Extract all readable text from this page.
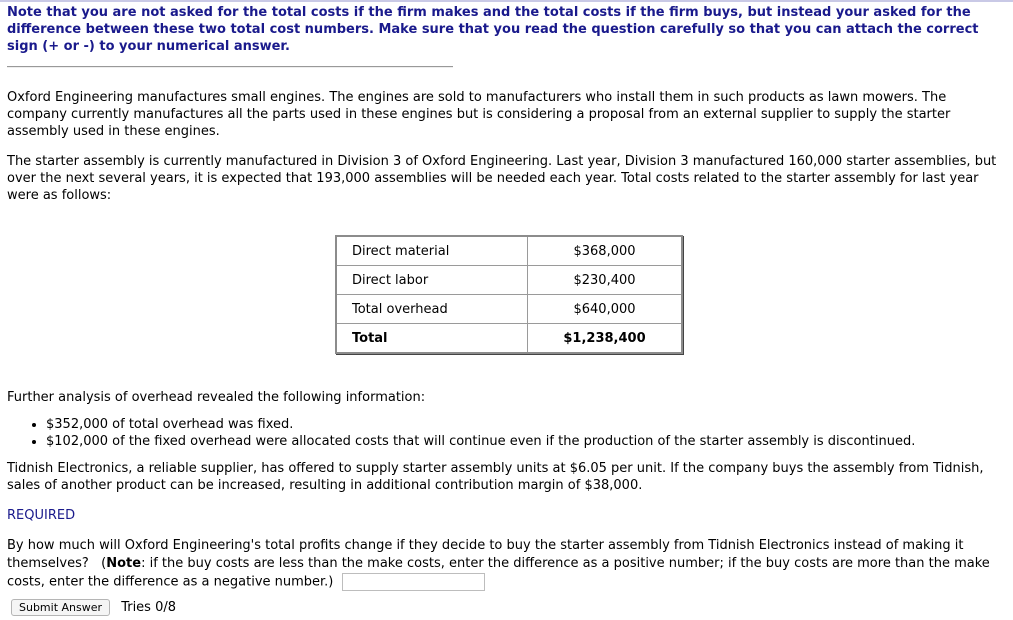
Note that you are not asked for the total costs if the firm makes and the total costs if the firm buys, but instead your asked for the difference between these two total cost numbers. Make sure that you read the question carefully so that you can attach the correct sign (+ or -) to your numerical answer.
Oxford Engineering manufactures small engines. The engines are sold to manufacturers who install them in such products as lawn mowers. The company currently manufactures all the parts used in these engines but is considering a proposal from an external supplier to supply the starter assembly used in these engines.
The starter assembly is currently manufactured in Division 3 of Oxford Engineering. Last year, Division 3 manufactured 160,000 starter assemblies, but over the next several years, it is expected that 193,000 assemblies will be needed each year. Total costs related to the starter assembly for last year were as follows:
Direct material	$368,000
Direct labor	$230,400
Total overhead	$640,000
Total	$1,238,400
Further analysis of overhead revealed the following information:
• $352,000 of total overhead was fixed.
• $102,000 of the fixed overhead were allocated costs that will continue even if the production of the starter assembly is discontinued.
Tidnish Electronics, a reliable supplier, has offered to supply starter assembly units at $6.05 per unit. If the company buys the assembly from Tidnish, sales of another product can be increased, resulting in additional contribution margin of $38,000.
REQUIRED
By how much will Oxford Engineering's total profits change if they decide to buy the starter assembly from Tidnish Electronics instead of making it themselves? (Note: if the buy costs are less than the make costs, enter the difference as a positive number; if the buy costs are more than the make costs, enter the difference as a negative number.)
Submit Answer Tries 0/8
